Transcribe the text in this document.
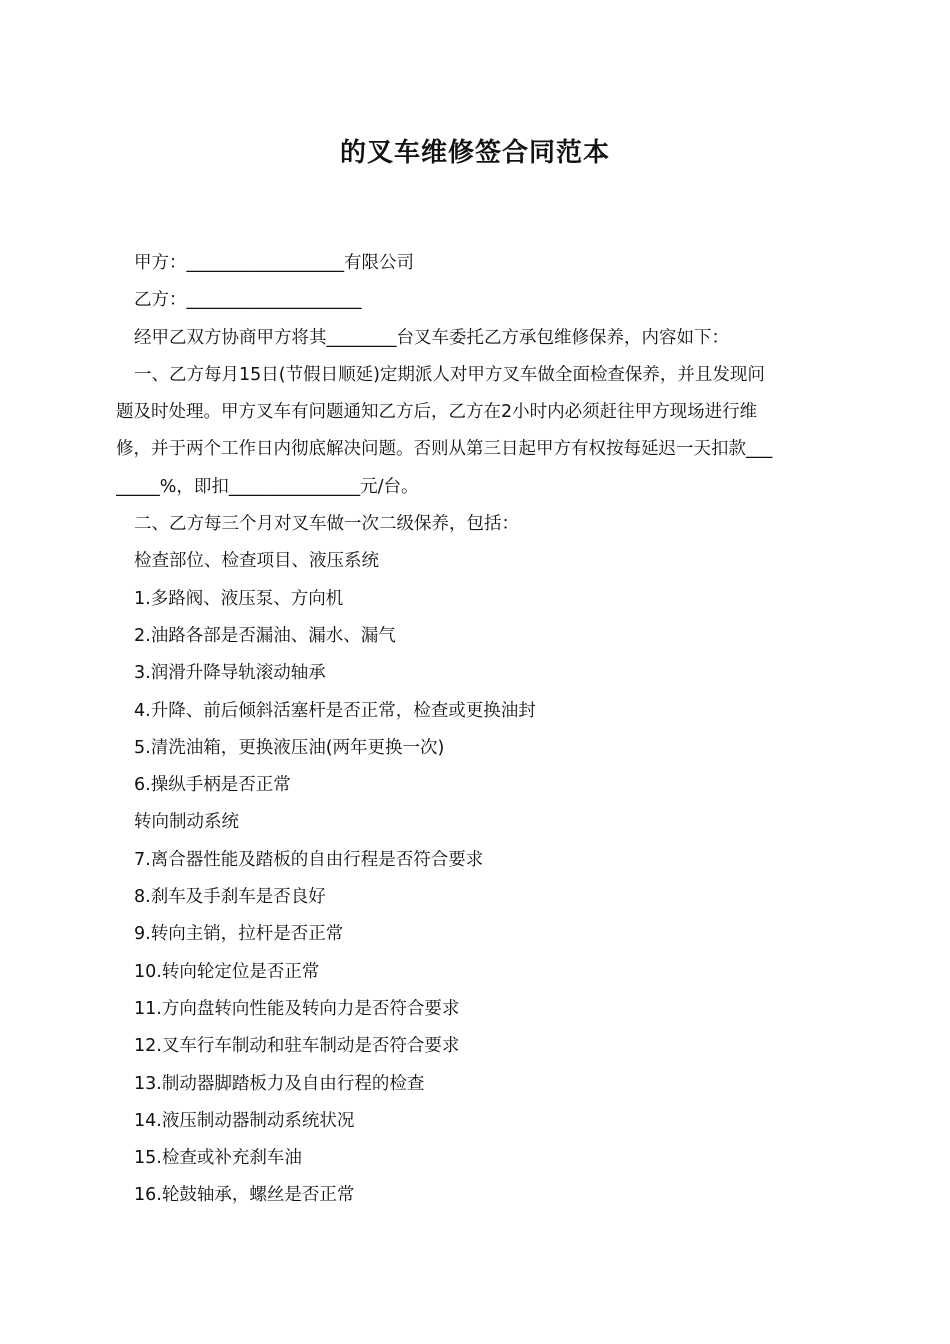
的叉车维修签合同范本
甲方：__________________有限公司
乙方：____________________
经甲乙双方协商甲方将其________台叉车委托乙方承包维修保养，内容如下：
一、乙方每月15日(节假日顺延)定期派人对甲方叉车做全面检查保养，并且发现问
题及时处理。甲方叉车有问题通知乙方后，乙方在2小时内必须赶往甲方现场进行维
修，并于两个工作日内彻底解决问题。否则从第三日起甲方有权按每延迟一天扣款___
_____%，即扣_______________元/台。
二、乙方每三个月对叉车做一次二级保养，包括：
检查部位、检查项目、液压系统
1.多路阀、液压泵、方向机
2.油路各部是否漏油、漏水、漏气
3.润滑升降导轨滚动轴承
4.升降、前后倾斜活塞杆是否正常，检查或更换油封
5.清洗油箱，更换液压油(两年更换一次)
6.操纵手柄是否正常
转向制动系统
7.离合器性能及踏板的自由行程是否符合要求
8.刹车及手刹车是否良好
9.转向主销，拉杆是否正常
10.转向轮定位是否正常
11.方向盘转向性能及转向力是否符合要求
12.叉车行车制动和驻车制动是否符合要求
13.制动器脚踏板力及自由行程的检查
14.液压制动器制动系统状况
15.检查或补充刹车油
16.轮鼓轴承，螺丝是否正常
